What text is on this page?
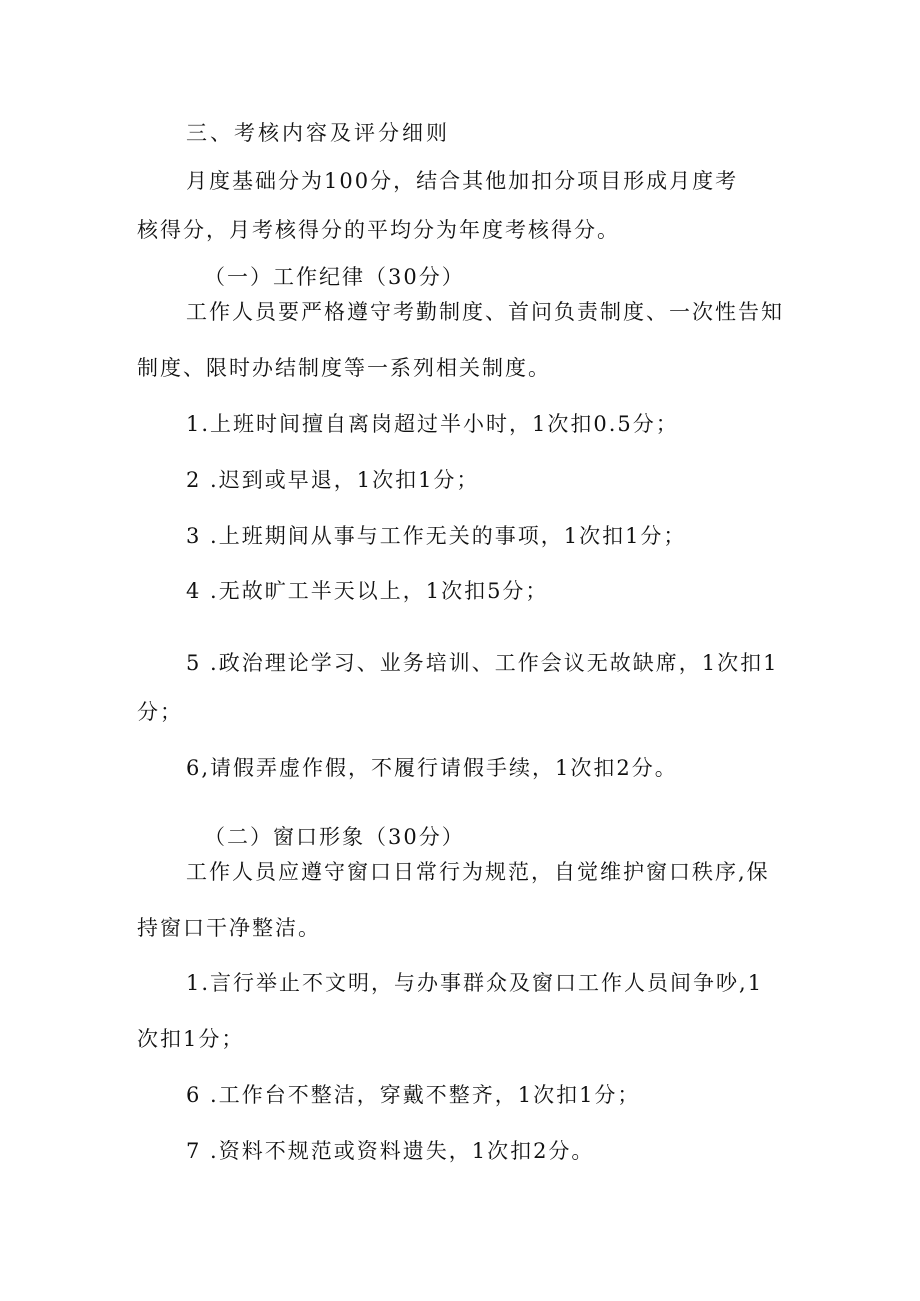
三、考核内容及评分细则
月度基础分为100分，结合其他加扣分项目形成月度考
核得分，月考核得分的平均分为年度考核得分。
（一）工作纪律（30分）
工作人员要严格遵守考勤制度、首问负责制度、一次性告知
制度、限时办结制度等一系列相关制度。
1.上班时间擅自离岗超过半小时，1次扣0.5分；
2 .迟到或早退，1次扣1分；
3 .上班期间从事与工作无关的事项，1次扣1分；
4 .无故旷工半天以上，1次扣5分；
5 .政治理论学习、业务培训、工作会议无故缺席，1次扣1
分；
6,请假弄虚作假，不履行请假手续，1次扣2分。
（二）窗口形象（30分）
工作人员应遵守窗口日常行为规范，自觉维护窗口秩序,保
持窗口干净整洁。
1.言行举止不文明，与办事群众及窗口工作人员间争吵,1
次扣1分；
6 .工作台不整洁，穿戴不整齐，1次扣1分；
7 .资料不规范或资料遗失，1次扣2分。
